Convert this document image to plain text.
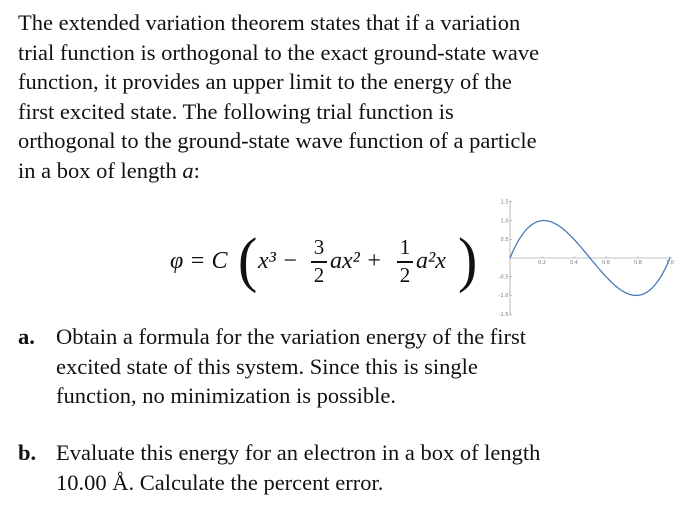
The extended variation theorem states that if a variation
trial function is orthogonal to the exact ground-state wave
function, it provides an upper limit to the energy of the
first excited state. The following trial function is
orthogonal to the ground-state wave function of a particle
in a box of length a:
φ = C ( x³ −
3
2
ax² +
1
2
a²x )
1.5
1.0
0.5
-0.5
-1.0
-1.5
0.2	0.4	0.6	0.8	1.0
a. Obtain a formula for the variation energy of the first
excited state of this system. Since this is single
function, no minimization is possible.
b. Evaluate this energy for an electron in a box of length
10.00 Å. Calculate the percent error.
